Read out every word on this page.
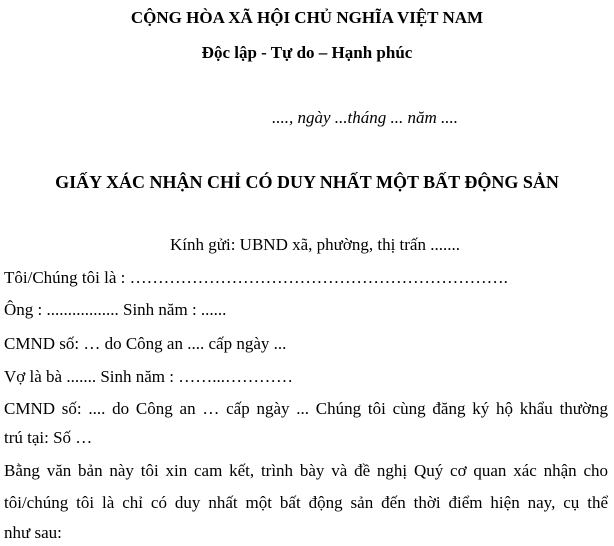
CỘNG HÒA XÃ HỘI CHỦ NGHĨA VIỆT NAM
Độc lập - Tự do – Hạnh phúc
...., ngày ...tháng ... năm ....
GIẤY XÁC NHẬN CHỈ CÓ DUY NHẤT MỘT BẤT ĐỘNG SẢN
Kính gửi: UBND xã, phường, thị trấn .......
Tôi/Chúng tôi là : ………………………………………………………….
Ông : ................. Sinh năm : ......
CMND số: … do Công an .... cấp ngày ...
Vợ là bà ....... Sinh năm : ……...…………
CMND số: .... do Công an … cấp ngày ... Chúng tôi cùng đăng ký hộ khẩu thường
trú tại: Số …
Bằng văn bản này tôi xin cam kết, trình bày và đề nghị Quý cơ quan xác nhận cho
tôi/chúng tôi là chỉ có duy nhất một bất động sản đến thời điểm hiện nay, cụ thể
như sau:
